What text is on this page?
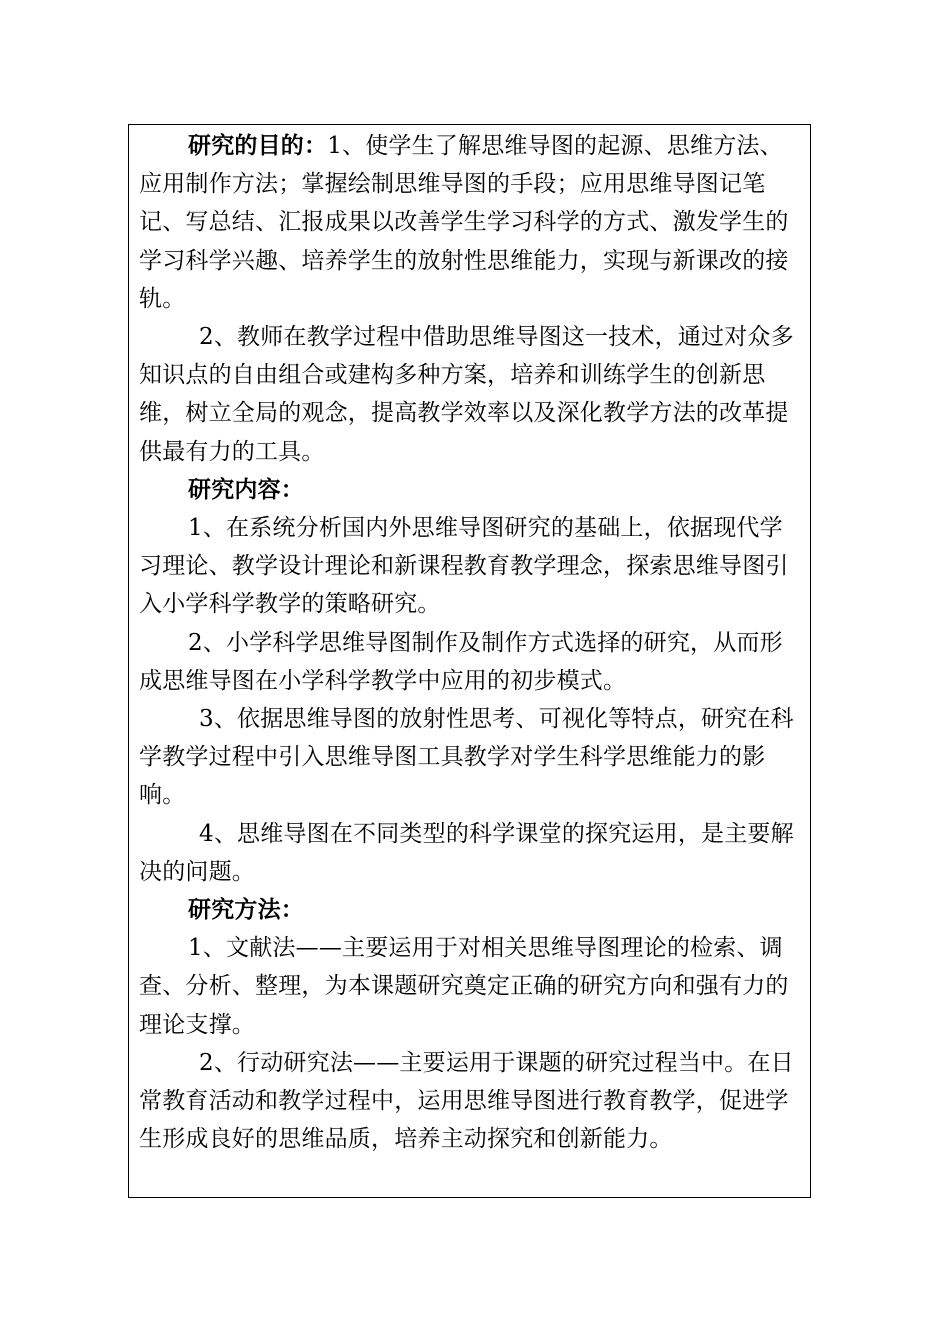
研究的目的：1、使学生了解思维导图的起源、思维方法、应用制作方法；掌握绘制思维导图的手段；应用思维导图记笔记、写总结、汇报成果以改善学生学习科学的方式、激发学生的学习科学兴趣、培养学生的放射性思维能力，实现与新课改的接轨。

2、教师在教学过程中借助思维导图这一技术，通过对众多知识点的自由组合或建构多种方案，培养和训练学生的创新思维，树立全局的观念，提高教学效率以及深化教学方法的改革提供最有力的工具。

研究内容：

1、在系统分析国内外思维导图研究的基础上，依据现代学习理论、教学设计理论和新课程教育教学理念，探索思维导图引入小学科学教学的策略研究。

2、小学科学思维导图制作及制作方式选择的研究，从而形成思维导图在小学科学教学中应用的初步模式。

3、依据思维导图的放射性思考、可视化等特点，研究在科学教学过程中引入思维导图工具教学对学生科学思维能力的影响。

4、思维导图在不同类型的科学课堂的探究运用，是主要解决的问题。

研究方法：

1、文献法——主要运用于对相关思维导图理论的检索、调查、分析、整理，为本课题研究奠定正确的研究方向和强有力的理论支撑。

2、行动研究法——主要运用于课题的研究过程当中。在日常教育活动和教学过程中，运用思维导图进行教育教学，促进学生形成良好的思维品质，培养主动探究和创新能力。
